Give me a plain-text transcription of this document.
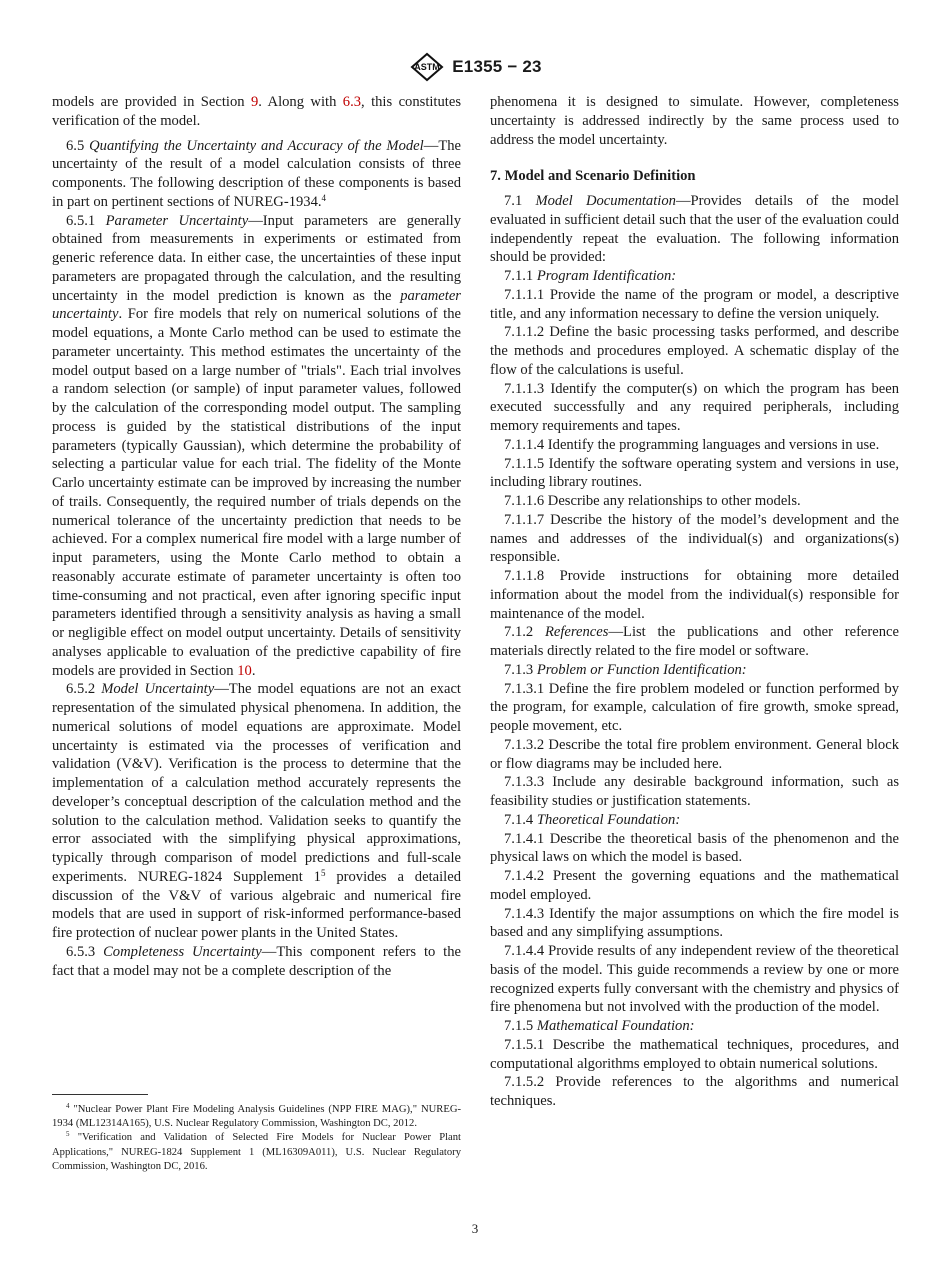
ASTM E1355 − 23

models are provided in Section 9. Along with 6.3, this constitutes verification of the model.

6.5 Quantifying the Uncertainty and Accuracy of the Model—The uncertainty of the result of a model calculation consists of three components. The following description of these components is based in part on pertinent sections of NUREG-1934.$^4$

6.5.1 Parameter Uncertainty—Input parameters are generally obtained from measurements in experiments or estimated from generic reference data. In either case, the uncertainties of these input parameters are propagated through the calculation, and the resulting uncertainty in the model prediction is known as the parameter uncertainty. For fire models that rely on numerical solutions of the model equations, a Monte Carlo method can be used to estimate the parameter uncertainty. This method estimates the uncertainty of the model output based on a large number of "trials". Each trial involves a random selection (or sample) of input parameter values, followed by the calculation of the corresponding model output. The sampling process is guided by the statistical distributions of the input parameters (typically Gaussian), which determine the probability of selecting a particular value for each trial. The fidelity of the Monte Carlo uncertainty estimate can be improved by increasing the number of trails. Consequently, the required number of trials depends on the numerical tolerance of the uncertainty prediction that needs to be achieved. For a complex numerical fire model with a large number of input parameters, using the Monte Carlo method to obtain a reasonably accurate estimate of parameter uncertainty is often too time-consuming and not practical, even after ignoring specific input parameters identified through a sensitivity analysis as having a small or negligible effect on model output uncertainty. Details of sensitivity analyses applicable to evaluation of the predictive capability of fire models are provided in Section 10.

6.5.2 Model Uncertainty—The model equations are not an exact representation of the simulated physical phenomena. In addition, the numerical solutions of model equations are approximate. Model uncertainty is estimated via the processes of verification and validation (V&V). Verification is the process to determine that the implementation of a calculation method accurately represents the developer’s conceptual description of the calculation method and the solution to the calculation method. Validation seeks to quantify the error associated with the simplifying physical approximations, typically through comparison of model predictions and full-scale experiments. NUREG-1824 Supplement $1^5$ provides a detailed discussion of the V&V of various algebraic and numerical fire models that are used in support of risk-informed performance-based fire protection of nuclear power plants in the United States.

6.5.3 Completeness Uncertainty—This component refers to the fact that a model may not be a complete description of the

$^4$ "Nuclear Power Plant Fire Modeling Analysis Guidelines (NPP FIRE MAG)," NUREG-1934 (ML12314A165), U.S. Nuclear Regulatory Commission, Washington DC, 2012.

$^5$ "Verification and Validation of Selected Fire Models for Nuclear Power Plant Applications," NUREG-1824 Supplement 1 (ML16309A011), U.S. Nuclear Regulatory Commission, Washington DC, 2016.

phenomena it is designed to simulate. However, completeness uncertainty is addressed indirectly by the same process used to address the model uncertainty.

7. Model and Scenario Definition

7.1 Model Documentation—Provides details of the model evaluated in sufficient detail such that the user of the evaluation could independently repeat the evaluation. The following information should be provided:

7.1.1 Program Identification:

7.1.1.1 Provide the name of the program or model, a descriptive title, and any information necessary to define the version uniquely.

7.1.1.2 Define the basic processing tasks performed, and describe the methods and procedures employed. A schematic display of the flow of the calculations is useful.

7.1.1.3 Identify the computer(s) on which the program has been executed successfully and any required peripherals, including memory requirements and tapes.

7.1.1.4 Identify the programming languages and versions in use.

7.1.1.5 Identify the software operating system and versions in use, including library routines.

7.1.1.6 Describe any relationships to other models.

7.1.1.7 Describe the history of the model’s development and the names and addresses of the individual(s) and organizations(s) responsible.

7.1.1.8 Provide instructions for obtaining more detailed information about the model from the individual(s) responsible for maintenance of the model.

7.1.2 References—List the publications and other reference materials directly related to the fire model or software.

7.1.3 Problem or Function Identification:

7.1.3.1 Define the fire problem modeled or function performed by the program, for example, calculation of fire growth, smoke spread, people movement, etc.

7.1.3.2 Describe the total fire problem environment. General block or flow diagrams may be included here.

7.1.3.3 Include any desirable background information, such as feasibility studies or justification statements.

7.1.4 Theoretical Foundation:

7.1.4.1 Describe the theoretical basis of the phenomenon and the physical laws on which the model is based.

7.1.4.2 Present the governing equations and the mathematical model employed.

7.1.4.3 Identify the major assumptions on which the fire model is based and any simplifying assumptions.

7.1.4.4 Provide results of any independent review of the theoretical basis of the model. This guide recommends a review by one or more recognized experts fully conversant with the chemistry and physics of fire phenomena but not involved with the production of the model.

7.1.5 Mathematical Foundation:

7.1.5.1 Describe the mathematical techniques, procedures, and computational algorithms employed to obtain numerical solutions.

7.1.5.2 Provide references to the algorithms and numerical techniques.

3
